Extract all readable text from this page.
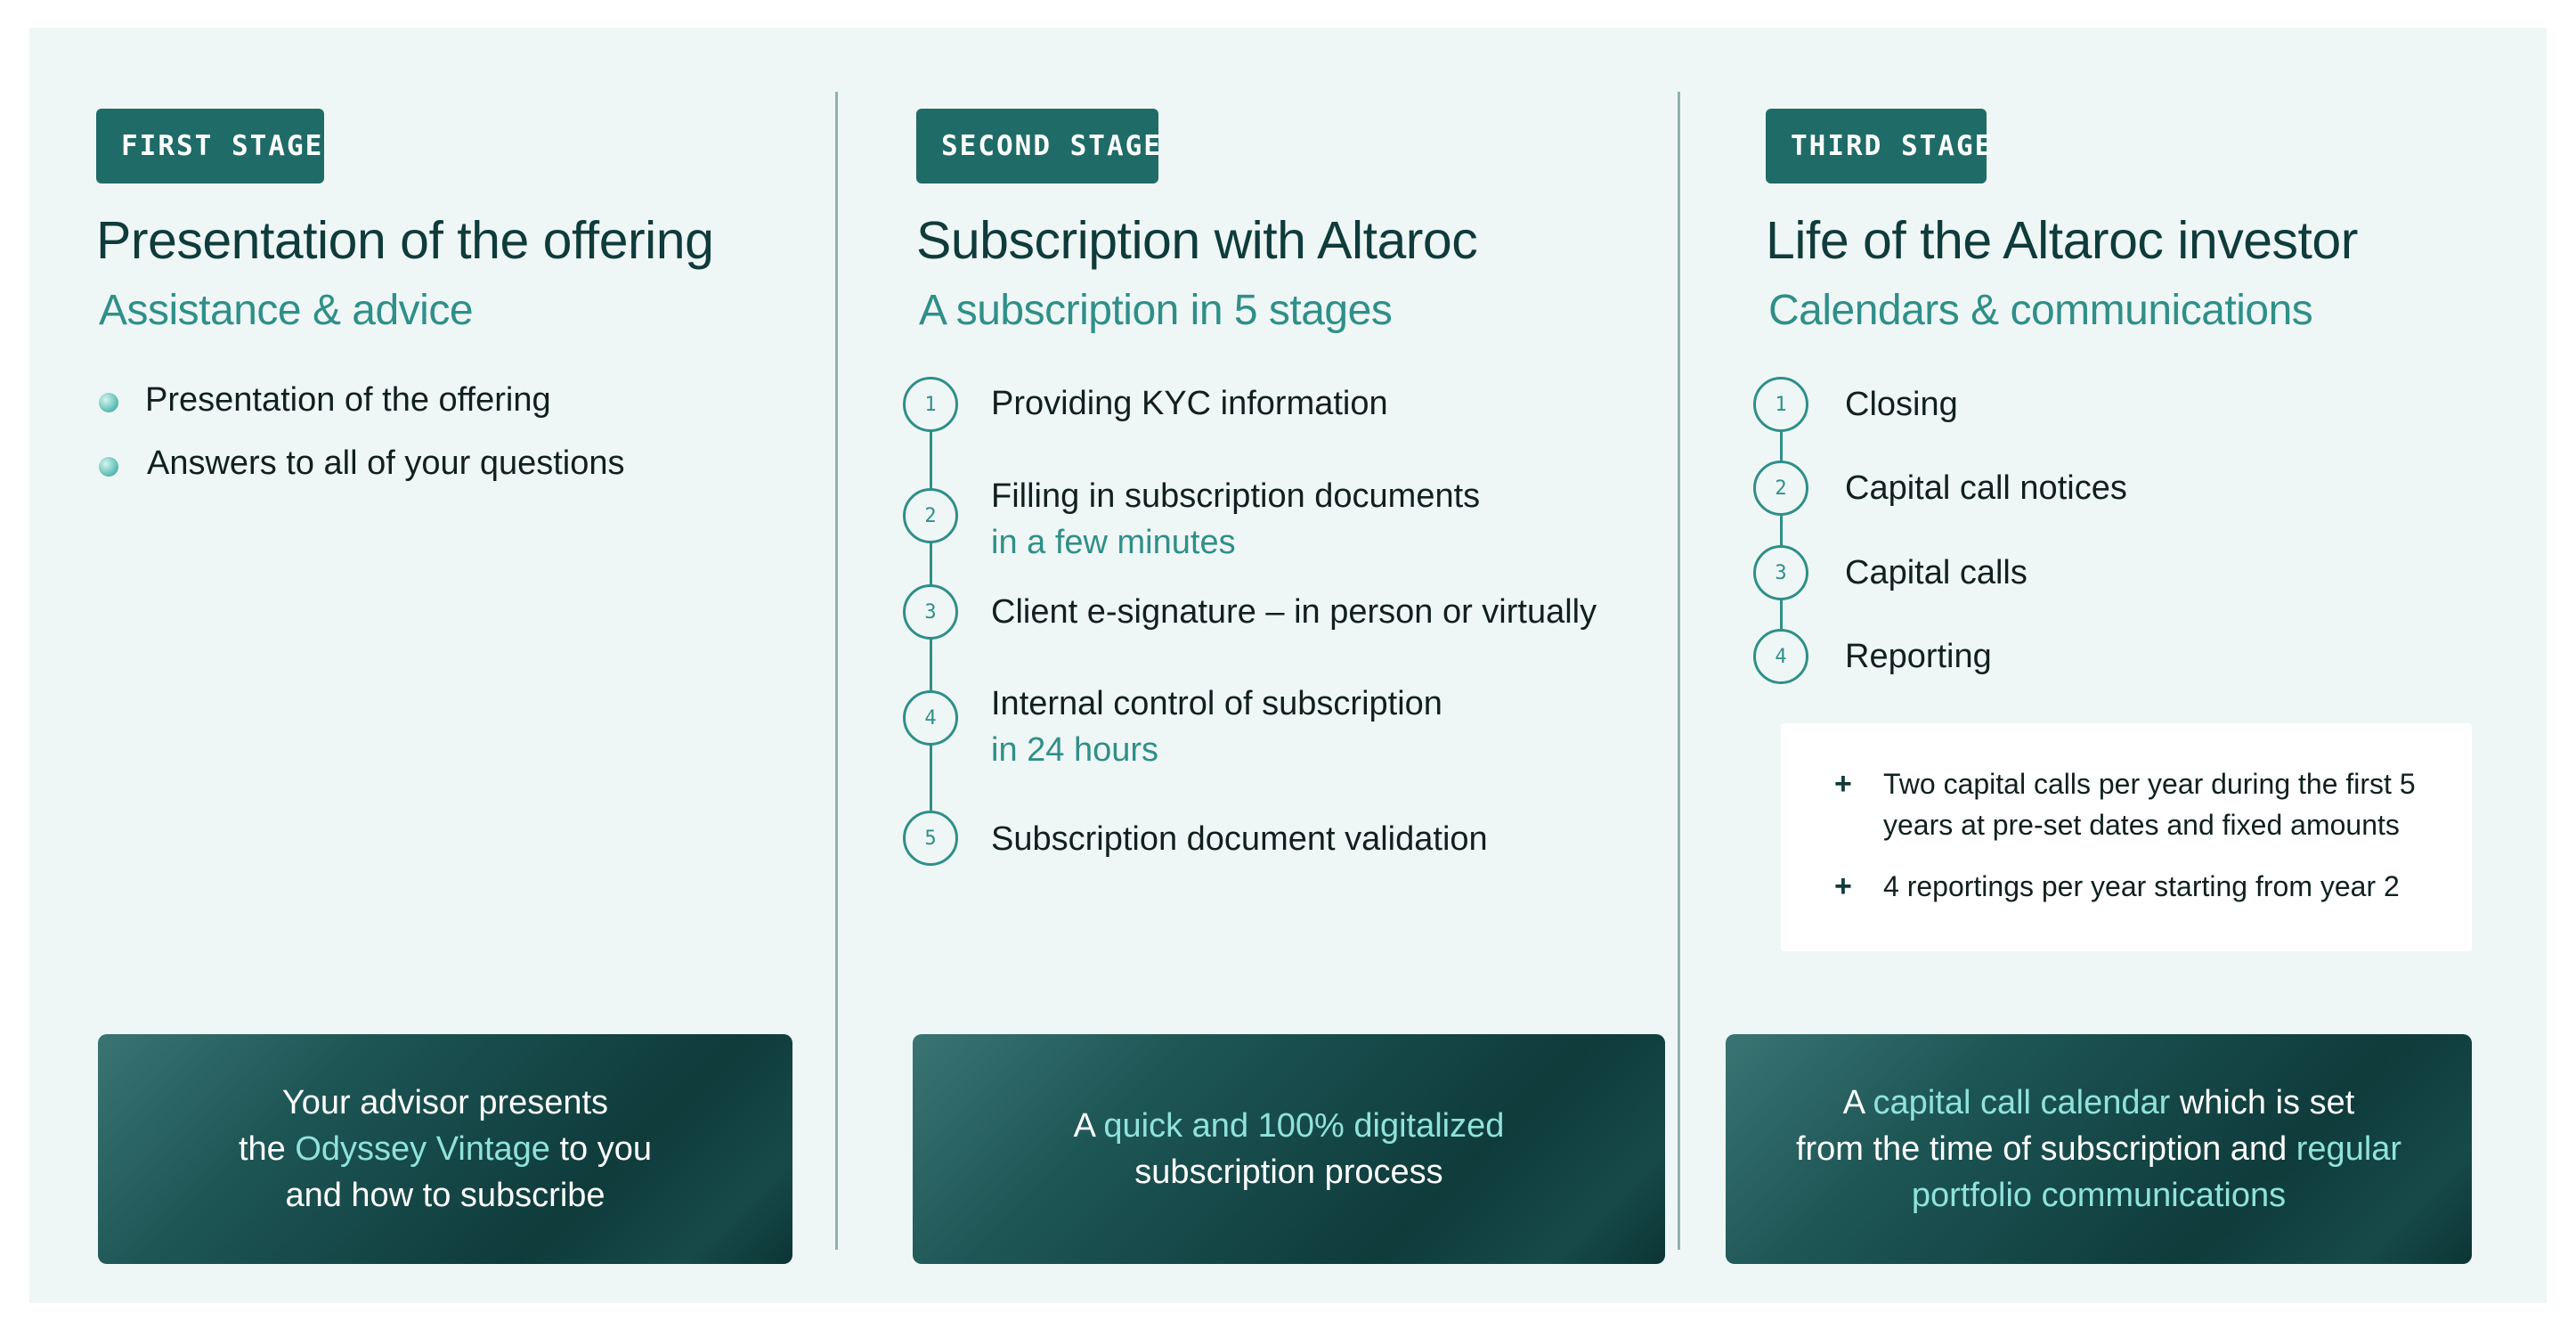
FIRST STAGE
Presentation of the offering
Assistance & advice
Presentation of the offering
Answers to all of your questions
Your advisor presents
the Odyssey Vintage to you
and how to subscribe
SECOND STAGE
Subscription with Altaroc
A subscription in 5 stages
1	Providing KYC information
2
Filling in subscription documents
in a few minutes
3	Client e-signature – in person or virtually
4	Internal control of subscription
in 24 hours
5	Subscription document validation
A quick and 100% digitalized
subscription process
THIRD STAGE
Life of the Altaroc investor
Calendars & communications
1	Closing
2	Capital call notices
3	Capital calls
4	Reporting
+ Two capital calls per year during the first 5
years at pre-set dates and fixed amounts
+ 4 reportings per year starting from year 2
A capital call calendar which is set
from the time of subscription and regular
portfolio communications
